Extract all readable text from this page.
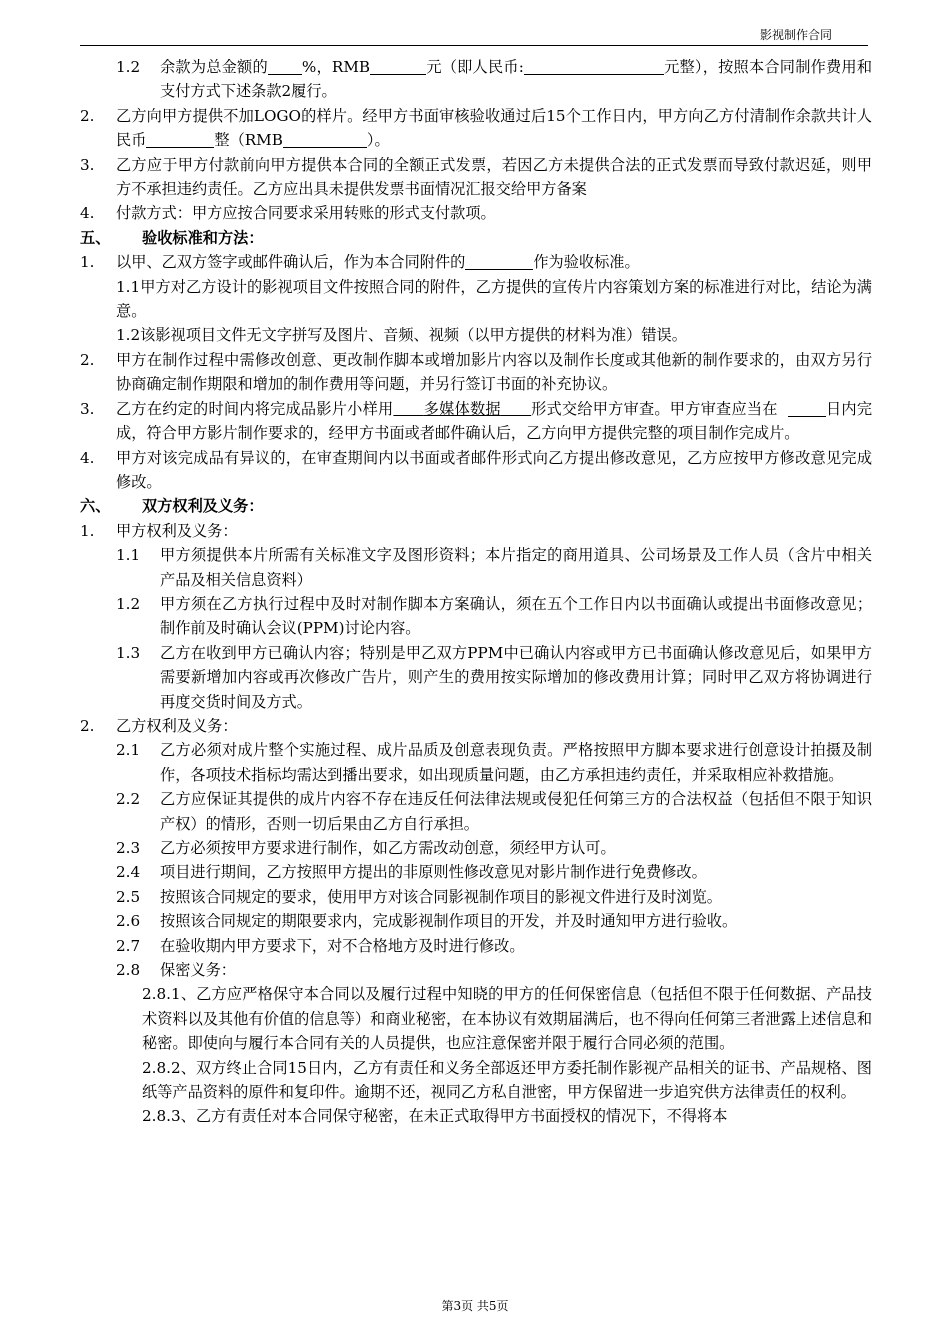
影视制作合同
1.2	余款为总金额的 %，RMB	元（即人民币:	元整），按照本合同制作费用和支付方式下述条款2履行。
2.	乙方向甲方提供不加LOGO的样片。经甲方书面审核验收通过后15个工作日内，甲方向乙方付清制作余款共计人民币	整（RMB	）。
3.	乙方应于甲方付款前向甲方提供本合同的全额正式发票，若因乙方未提供合法的正式发票而导致付款迟延，则甲方不承担违约责任。乙方应出具未提供发票书面情况汇报交给甲方备案
4.	付款方式：甲方应按合同要求采用转账的形式支付款项。
五、	验收标准和方法：
1.	以甲、乙双方签字或邮件确认后，作为本合同附件的	作为验收标准。
1.1甲方对乙方设计的影视项目文件按照合同的附件，乙方提供的宣传片内容策划方案的标准进行对比，结论为满意。
1.2该影视项目文件无文字拼写及图片、音频、视频（以甲方提供的材料为准）错误。
2.	甲方在制作过程中需修改创意、更改制作脚本或增加影片内容以及制作长度或其他新的制作要求的，由双方另行协商确定制作期限和增加的制作费用等问题，并另行签订书面的补充协议。
3.	乙方在约定的时间内将完成品影片小样用 多媒体数据 形式交给甲方审查。甲方审查应当在	日内完成，符合甲方影片制作要求的，经甲方书面或者邮件确认后，乙方向甲方提供完整的项目制作完成片。
4.	甲方对该完成品有异议的，在审查期间内以书面或者邮件形式向乙方提出修改意见，乙方应按甲方修改意见完成修改。
六、	双方权利及义务：
1.	甲方权利及义务：
1.1	甲方须提供本片所需有关标准文字及图形资料；本片指定的商用道具、公司场景及工作人员（含片中相关产品及相关信息资料）
1.2	甲方须在乙方执行过程中及时对制作脚本方案确认，须在五个工作日内以书面确认或提出书面修改意见；制作前及时确认会议(PPM)讨论内容。
1.3	乙方在收到甲方已确认内容；特别是甲乙双方PPM中已确认内容或甲方已书面确认修改意见后，如果甲方需要新增加内容或再次修改广告片，则产生的费用按实际增加的修改费用计算；同时甲乙双方将协调进行再度交货时间及方式。
2.	乙方权利及义务：
2.1	乙方必须对成片整个实施过程、成片品质及创意表现负责。严格按照甲方脚本要求进行创意设计拍摄及制作，各项技术指标均需达到播出要求，如出现质量问题，由乙方承担违约责任，并采取相应补救措施。
2.2	乙方应保证其提供的成片内容不存在违反任何法律法规或侵犯任何第三方的合法权益（包括但不限于知识产权）的情形，否则一切后果由乙方自行承担。
2.3	乙方必须按甲方要求进行制作，如乙方需改动创意，须经甲方认可。
2.4	项目进行期间，乙方按照甲方提出的非原则性修改意见对影片制作进行免费修改。
2.5	按照该合同规定的要求，使用甲方对该合同影视制作项目的影视文件进行及时浏览。
2.6	按照该合同规定的期限要求内，完成影视制作项目的开发，并及时通知甲方进行验收。
2.7	在验收期内甲方要求下，对不合格地方及时进行修改。
2.8	保密义务：
2.8.1、乙方应严格保守本合同以及履行过程中知晓的甲方的任何保密信息（包括但不限于任何数据、产品技术资料以及其他有价值的信息等）和商业秘密，在本协议有效期届满后，也不得向任何第三者泄露上述信息和秘密。即使向与履行本合同有关的人员提供，也应注意保密并限于履行合同必须的范围。
2.8.2、双方终止合同15日内，乙方有责任和义务全部返还甲方委托制作影视产品相关的证书、产品规格、图纸等产品资料的原件和复印件。逾期不还，视同乙方私自泄密，甲方保留进一步追究供方法律责任的权利。
2.8.3、乙方有责任对本合同保守秘密，在未正式取得甲方书面授权的情况下，不得将本
第3页 共5页
